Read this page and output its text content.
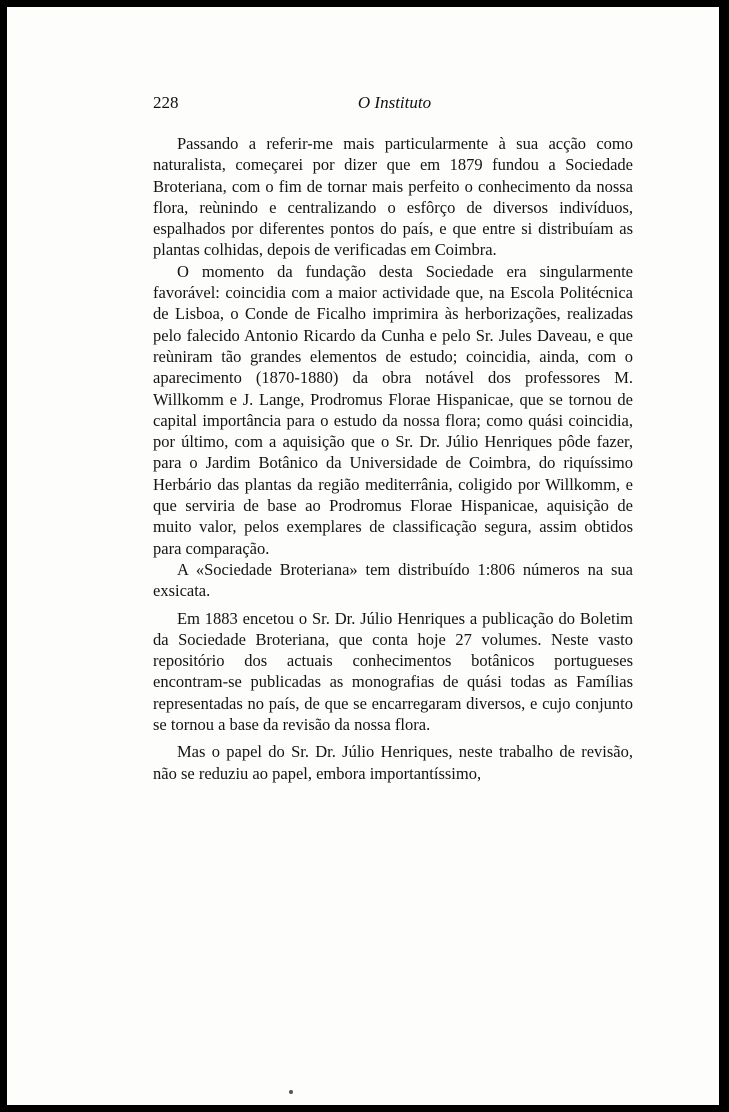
228	O Instituto

Passando a referir-me mais particularmente à sua acção como naturalista, começarei por dizer que em 1879 fundou a Sociedade Broteriana, com o fim de tornar mais perfeito o conhecimento da nossa flora, reùnindo e centralizando o esfôrço de diversos indivíduos, espalhados por diferentes pontos do país, e que entre si distribuíam as plantas colhidas, depois de verificadas em Coimbra.

O momento da fundação desta Sociedade era singularmente favorável: coincidia com a maior actividade que, na Escola Politécnica de Lisboa, o Conde de Ficalho imprimira às herborizações, realizadas pelo falecido Antonio Ricardo da Cunha e pelo Sr. Jules Daveau, e que reùniram tão grandes elementos de estudo; coincidia, ainda, com o aparecimento (1870-1880) da obra notável dos professores M. Willkomm e J. Lange, Prodromus Florae Hispanicae, que se tornou de capital importância para o estudo da nossa flora; como quási coincidia, por último, com a aquisição que o Sr. Dr. Júlio Henriques pôde fazer, para o Jardim Botânico da Universidade de Coimbra, do riquíssimo Herbário das plantas da região mediterrânia, coligido por Willkomm, e que serviria de base ao Prodromus Florae Hispanicae, aquisição de muito valor, pelos exemplares de classificação segura, assim obtidos para comparação.

A «Sociedade Broteriana» tem distribuído 1:806 números na sua exsicata.

Em 1883 encetou o Sr. Dr. Júlio Henriques a publicação do Boletim da Sociedade Broteriana, que conta hoje 27 volumes. Neste vasto repositório dos actuais conhecimentos botânicos portugueses encontram-se publicadas as monografias de quási todas as Famílias representadas no país, de que se encarregaram diversos, e cujo conjunto se tornou a base da revisão da nossa flora.

Mas o papel do Sr. Dr. Júlio Henriques, neste trabalho de revisão, não se reduziu ao papel, embora importantíssimo,
